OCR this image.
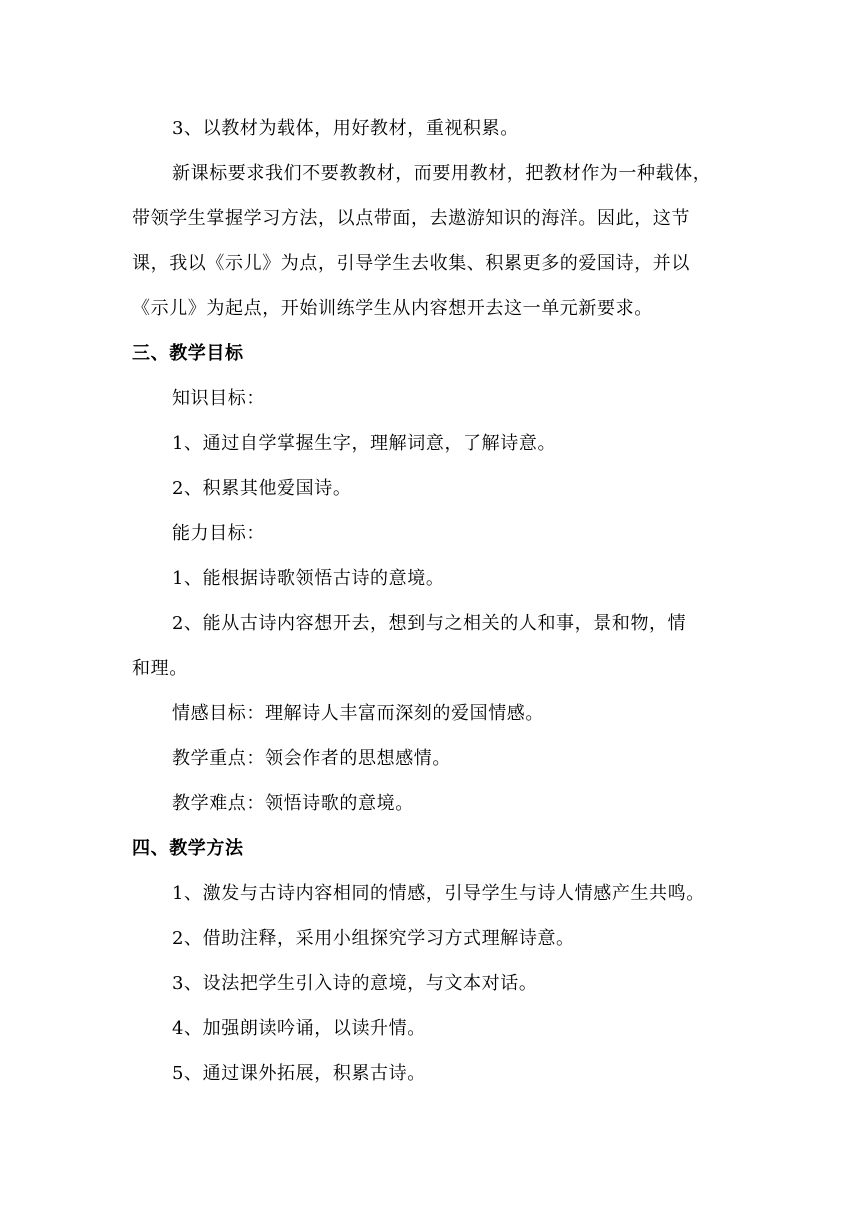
3、以教材为载体，用好教材，重视积累。
新课标要求我们不要教教材，而要用教材，把教材作为一种载体，
带领学生掌握学习方法，以点带面，去遨游知识的海洋。因此，这节
课，我以《示儿》为点，引导学生去收集、积累更多的爱国诗，并以
《示儿》为起点，开始训练学生从内容想开去这一单元新要求。
三、教学目标
知识目标：
1、通过自学掌握生字，理解词意，了解诗意。
2、积累其他爱国诗。
能力目标：
1、能根据诗歌领悟古诗的意境。
2、能从古诗内容想开去，想到与之相关的人和事，景和物，情
和理。
情感目标：理解诗人丰富而深刻的爱国情感。
教学重点：领会作者的思想感情。
教学难点：领悟诗歌的意境。
四、教学方法
1、激发与古诗内容相同的情感，引导学生与诗人情感产生共鸣。
2、借助注释，采用小组探究学习方式理解诗意。
3、设法把学生引入诗的意境，与文本对话。
4、加强朗读吟诵，以读升情。
5、通过课外拓展，积累古诗。
